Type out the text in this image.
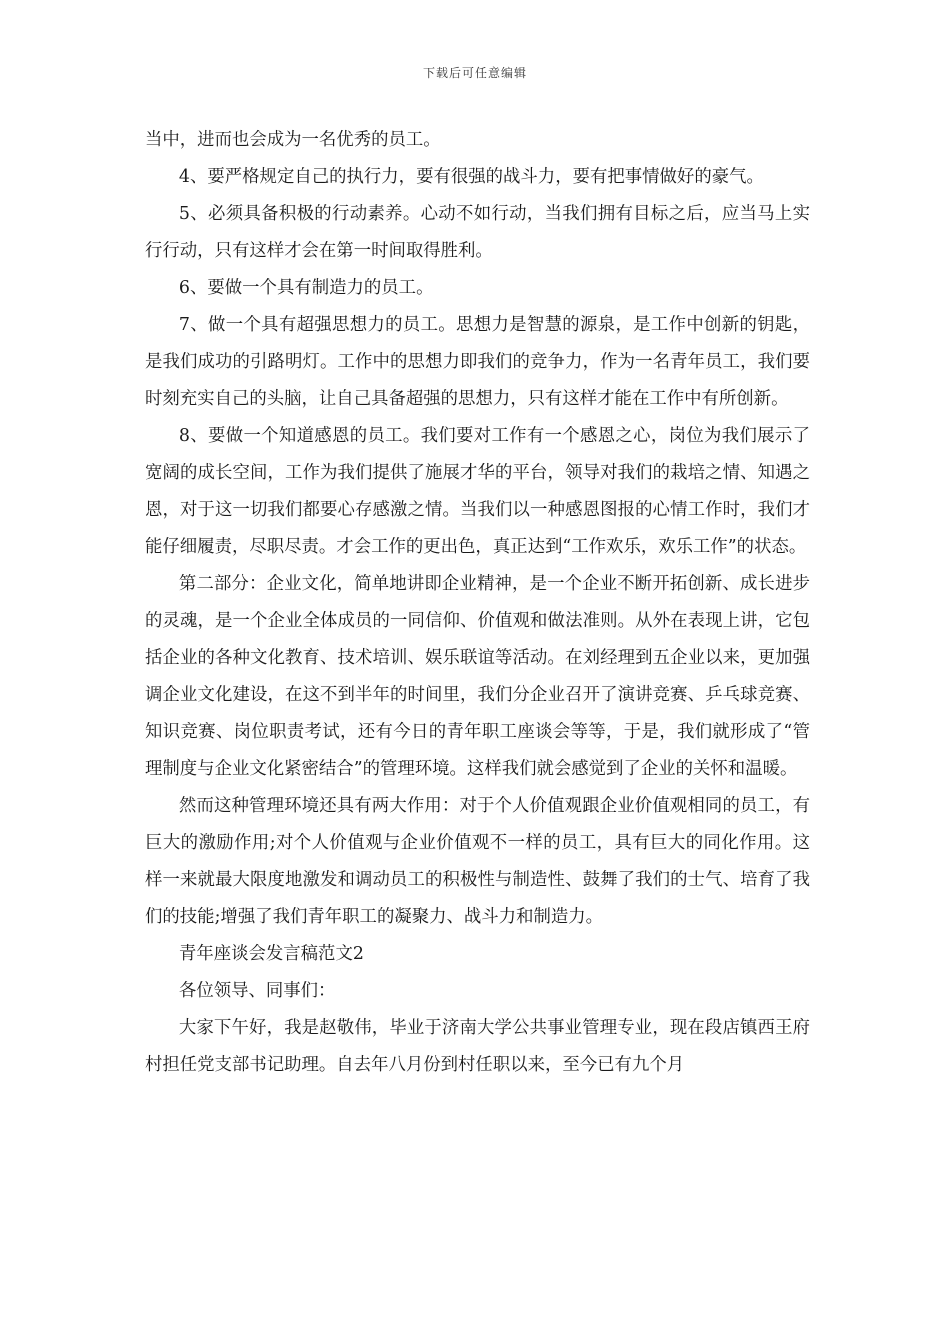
下载后可任意编辑

当中，进而也会成为一名优秀的员工。

4、要严格规定自己的执行力，要有很强的战斗力，要有把事情做好的豪气。

5、必须具备积极的行动素养。心动不如行动，当我们拥有目标之后，应当马上实行行动，只有这样才会在第一时间取得胜利。

6、要做一个具有制造力的员工。

7、做一个具有超强思想力的员工。思想力是智慧的源泉，是工作中创新的钥匙，是我们成功的引路明灯。工作中的思想力即我们的竞争力，作为一名青年员工，我们要时刻充实自己的头脑，让自己具备超强的思想力，只有这样才能在工作中有所创新。

8、要做一个知道感恩的员工。我们要对工作有一个感恩之心，岗位为我们展示了宽阔的成长空间，工作为我们提供了施展才华的平台，领导对我们的栽培之情、知遇之恩，对于这一切我们都要心存感激之情。当我们以一种感恩图报的心情工作时，我们才能仔细履责，尽职尽责。才会工作的更出色，真正达到“工作欢乐，欢乐工作”的状态。

第二部分：企业文化，简单地讲即企业精神，是一个企业不断开拓创新、成长进步的灵魂，是一个企业全体成员的一同信仰、价值观和做法准则。从外在表现上讲，它包括企业的各种文化教育、技术培训、娱乐联谊等活动。在刘经理到五企业以来，更加强调企业文化建设，在这不到半年的时间里，我们分企业召开了演讲竞赛、乒乓球竞赛、知识竞赛、岗位职责考试，还有今日的青年职工座谈会等等，于是，我们就形成了“管理制度与企业文化紧密结合”的管理环境。这样我们就会感觉到了企业的关怀和温暖。

然而这种管理环境还具有两大作用：对于个人价值观跟企业价值观相同的员工，有巨大的激励作用;对个人价值观与企业价值观不一样的员工，具有巨大的同化作用。这样一来就最大限度地激发和调动员工的积极性与制造性、鼓舞了我们的士气、培育了我们的技能;增强了我们青年职工的凝聚力、战斗力和制造力。

青年座谈会发言稿范文2

各位领导、同事们：

大家下午好，我是赵敬伟，毕业于济南大学公共事业管理专业，现在段店镇西王府村担任党支部书记助理。自去年八月份到村任职以来，至今已有九个月
